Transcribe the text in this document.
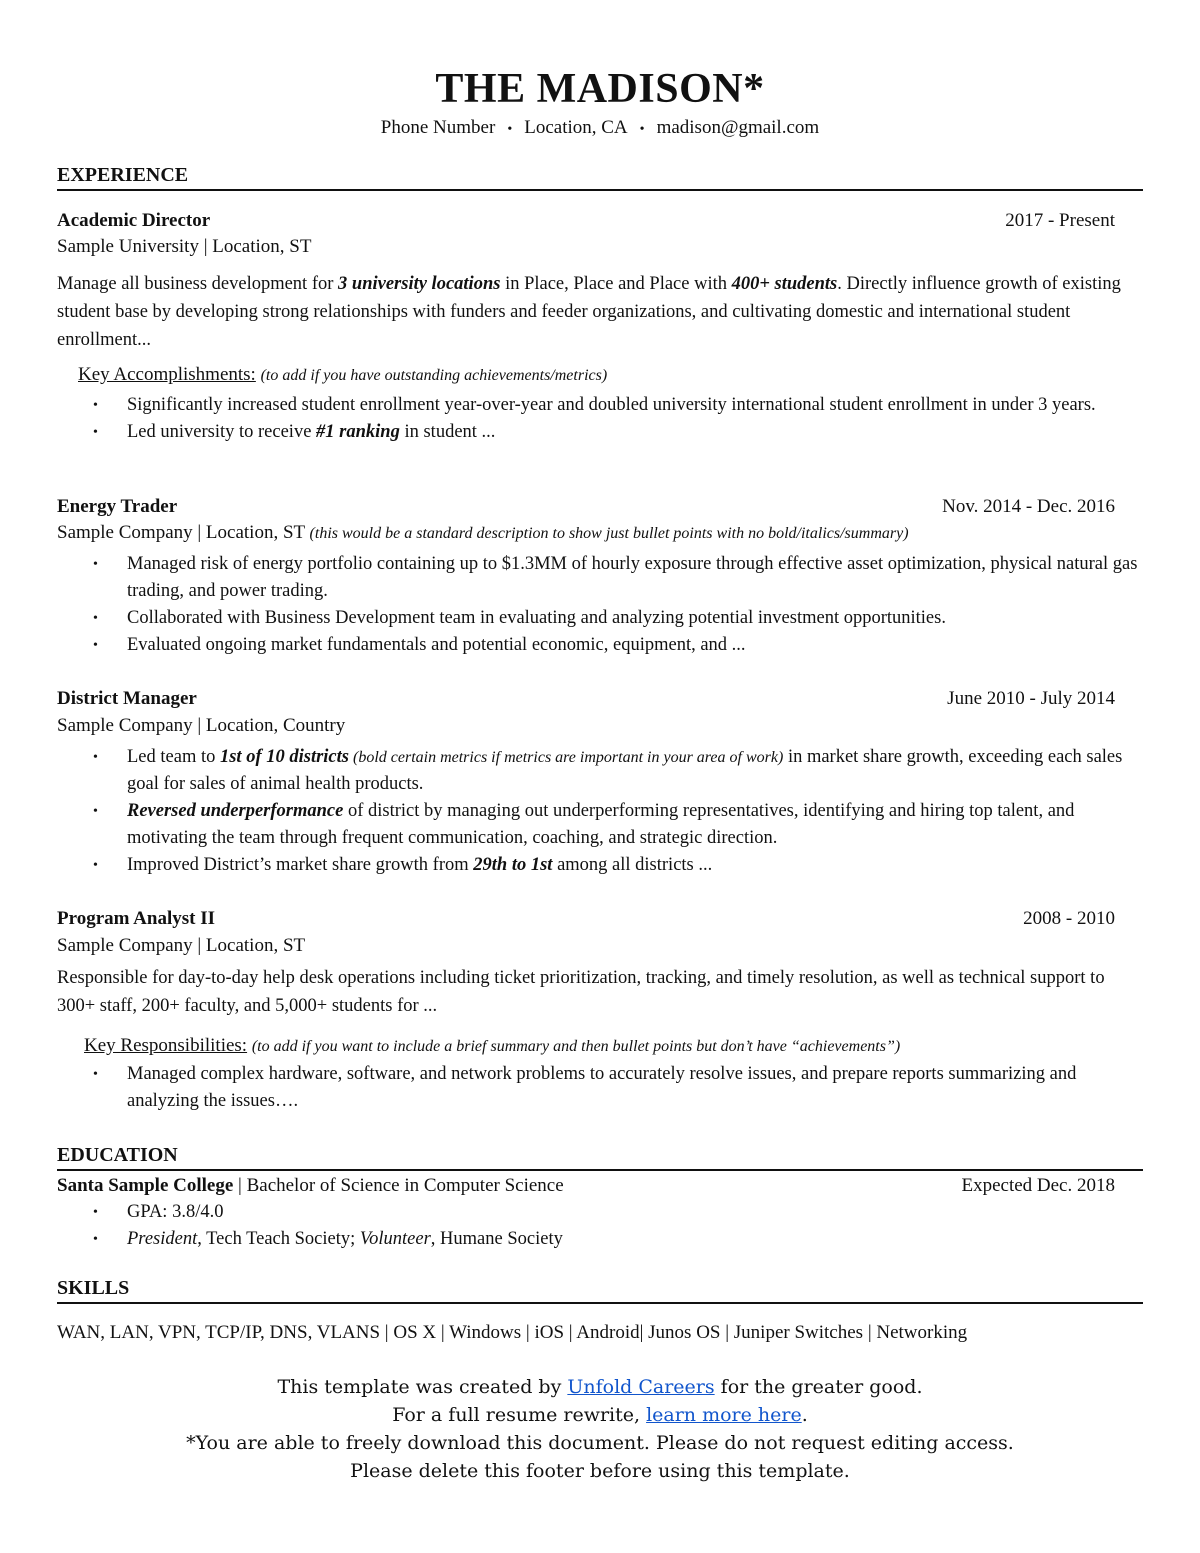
THE MADISON*
Phone Number • Location, CA • madison@gmail.com
EXPERIENCE
Academic Director	2017 - Present
Sample University | Location, ST
Manage all business development for 3 university locations in Place, Place and Place with 400+ students. Directly influence growth of existing student base by developing strong relationships with funders and feeder organizations, and cultivating domestic and international student enrollment...
Key Accomplishments: (to add if you have outstanding achievements/metrics)
• Significantly increased student enrollment year-over-year and doubled university international student enrollment in under 3 years.
• Led university to receive #1 ranking in student ...
Energy Trader	Nov. 2014 - Dec. 2016
Sample Company | Location, ST (this would be a standard description to show just bullet points with no bold/italics/summary)
• Managed risk of energy portfolio containing up to $1.3MM of hourly exposure through effective asset optimization, physical natural gas trading, and power trading.
• Collaborated with Business Development team in evaluating and analyzing potential investment opportunities.
• Evaluated ongoing market fundamentals and potential economic, equipment, and ...
District Manager	June 2010 - July 2014
Sample Company | Location, Country
• Led team to 1st of 10 districts (bold certain metrics if metrics are important in your area of work) in market share growth, exceeding each sales goal for sales of animal health products.
• Reversed underperformance of district by managing out underperforming representatives, identifying and hiring top talent, and motivating the team through frequent communication, coaching, and strategic direction.
• Improved District’s market share growth from 29th to 1st among all districts ...
Program Analyst II	2008 - 2010
Sample Company | Location, ST
Responsible for day-to-day help desk operations including ticket prioritization, tracking, and timely resolution, as well as technical support to 300+ staff, 200+ faculty, and 5,000+ students for ...
Key Responsibilities: (to add if you want to include a brief summary and then bullet points but don’t have “achievements”)
• Managed complex hardware, software, and network problems to accurately resolve issues, and prepare reports summarizing and analyzing the issues….
EDUCATION
Santa Sample College | Bachelor of Science in Computer Science	Expected Dec. 2018
• GPA: 3.8/4.0
• President, Tech Teach Society; Volunteer, Humane Society
SKILLS
WAN, LAN, VPN, TCP/IP, DNS, VLANS | OS X | Windows | iOS | Android| Junos OS | Juniper Switches | Networking
This template was created by Unfold Careers for the greater good.
For a full resume rewrite, learn more here.
*You are able to freely download this document. Please do not request editing access.
Please delete this footer before using this template.
